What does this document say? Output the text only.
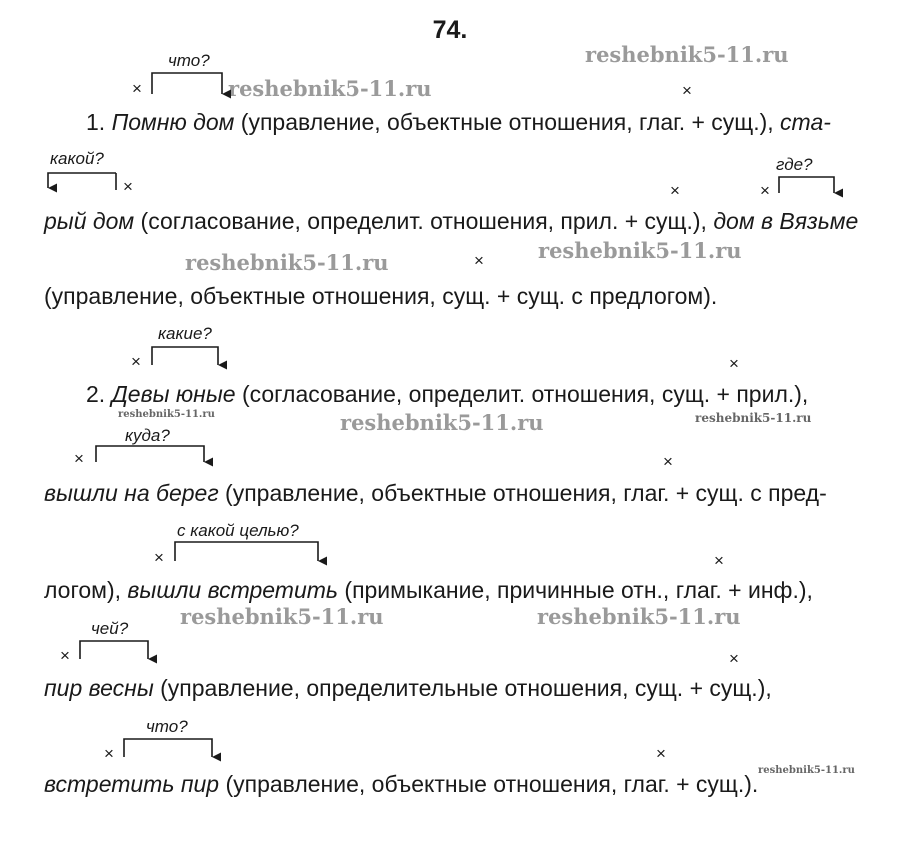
74.
reshebnik5-11.ru
reshebnik5-11.ru
reshebnik5-11.ru
reshebnik5-11.ru
reshebnik5-11.ru	reshebnik5-11.ru	reshebnik5-11.ru
reshebnik5-11.ru	reshebnik5-11.ru
reshebnik5-11.ru
что?
какой?	где?
какие?
куда?
с какой целью?
чей?
что?
×	×
×	×	×
×
×	×
×	×
×	×
×	×
×	×
1. Помню дом (управление, объектные отношения, глаг. + сущ.), ста-
рый дом (согласование, определит. отношения, прил. + сущ.), дом в Вязьме
(управление, объектные отношения, сущ. + сущ. с предлогом).
2. Девы юные (согласование, определит. отношения, сущ. + прил.),
вышли на берег (управление, объектные отношения, глаг. + сущ. с пред-
логом), вышли встретить (примыкание, причинные отн., глаг. + инф.),
пир весны (управление, определительные отношения, сущ. + сущ.),
встретить пир (управление, объектные отношения, глаг. + сущ.).
